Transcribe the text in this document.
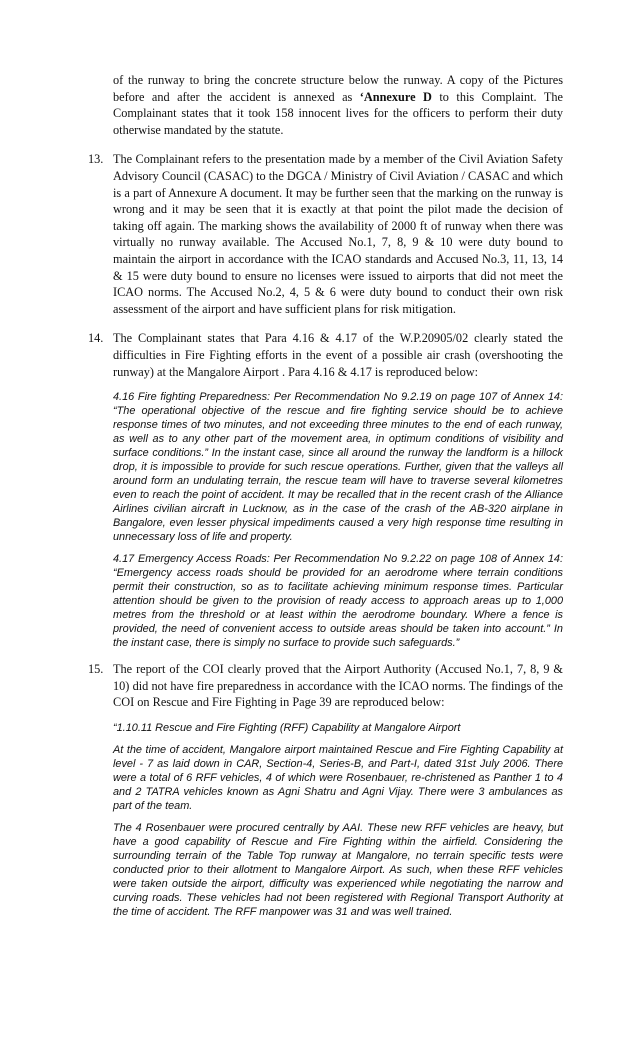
of the runway to bring the concrete structure below the runway. A copy of the Pictures before and after the accident is annexed as ‘Annexure D to this Complaint. The Complainant states that it took 158 innocent lives for the officers to perform their duty otherwise mandated by the statute.

13. The Complainant refers to the presentation made by a member of the Civil Aviation Safety Advisory Council (CASAC) to the DGCA / Ministry of Civil Aviation / CASAC and which is a part of Annexure A document. It may be further seen that the marking on the runway is wrong and it may be seen that it is exactly at that point the pilot made the decision of taking off again. The marking shows the availability of 2000 ft of runway when there was virtually no runway available. The Accused No.1, 7, 8, 9 & 10 were duty bound to maintain the airport in accordance with the ICAO standards and Accused No.3, 11, 13, 14 & 15 were duty bound to ensure no licenses were issued to airports that did not meet the ICAO norms. The Accused No.2, 4, 5 & 6 were duty bound to conduct their own risk assessment of the airport and have sufficient plans for risk mitigation.

14. The Complainant states that Para 4.16 & 4.17 of the W.P.20905/02 clearly stated the difficulties in Fire Fighting efforts in the event of a possible air crash (overshooting the runway) at the Mangalore Airport . Para 4.16 & 4.17 is reproduced below:

4.16 Fire fighting Preparedness: Per Recommendation No 9.2.19 on page 107 of Annex 14: “The operational objective of the rescue and fire fighting service should be to achieve response times of two minutes, and not exceeding three minutes to the end of each runway, as well as to any other part of the movement area, in optimum conditions of visibility and surface conditions.” In the instant case, since all around the runway the landform is a hillock drop, it is impossible to provide for such rescue operations. Further, given that the valleys all around form an undulating terrain, the rescue team will have to traverse several kilometres even to reach the point of accident. It may be recalled that in the recent crash of the Alliance Airlines civilian aircraft in Lucknow, as in the case of the crash of the AB-320 airplane in Bangalore, even lesser physical impediments caused a very high response time resulting in unnecessary loss of life and property.

4.17 Emergency Access Roads: Per Recommendation No 9.2.22 on page 108 of Annex 14: “Emergency access roads should be provided for an aerodrome where terrain conditions permit their construction, so as to facilitate achieving minimum response times. Particular attention should be given to the provision of ready access to approach areas up to 1,000 metres from the threshold or at least within the aerodrome boundary. Where a fence is provided, the need of convenient access to outside areas should be taken into account.” In the instant case, there is simply no surface to provide such safeguards.”

15. The report of the COI clearly proved that the Airport Authority (Accused No.1, 7, 8, 9 & 10) did not have fire preparedness in accordance with the ICAO norms. The findings of the COI on Rescue and Fire Fighting in Page 39 are reproduced below:

“1.10.11 Rescue and Fire Fighting (RFF) Capability at Mangalore Airport

At the time of accident, Mangalore airport maintained Rescue and Fire Fighting Capability at level - 7 as laid down in CAR, Section-4, Series-B, and Part-I, dated 31st July 2006. There were a total of 6 RFF vehicles, 4 of which were Rosenbauer, re-christened as Panther 1 to 4 and 2 TATRA vehicles known as Agni Shatru and Agni Vijay. There were 3 ambulances as part of the team.

The 4 Rosenbauer were procured centrally by AAI. These new RFF vehicles are heavy, but have a good capability of Rescue and Fire Fighting within the airfield. Considering the surrounding terrain of the Table Top runway at Mangalore, no terrain specific tests were conducted prior to their allotment to Mangalore Airport. As such, when these RFF vehicles were taken outside the airport, difficulty was experienced while negotiating the narrow and curving roads. These vehicles had not been registered with Regional Transport Authority at the time of accident. The RFF manpower was 31 and was well trained.
